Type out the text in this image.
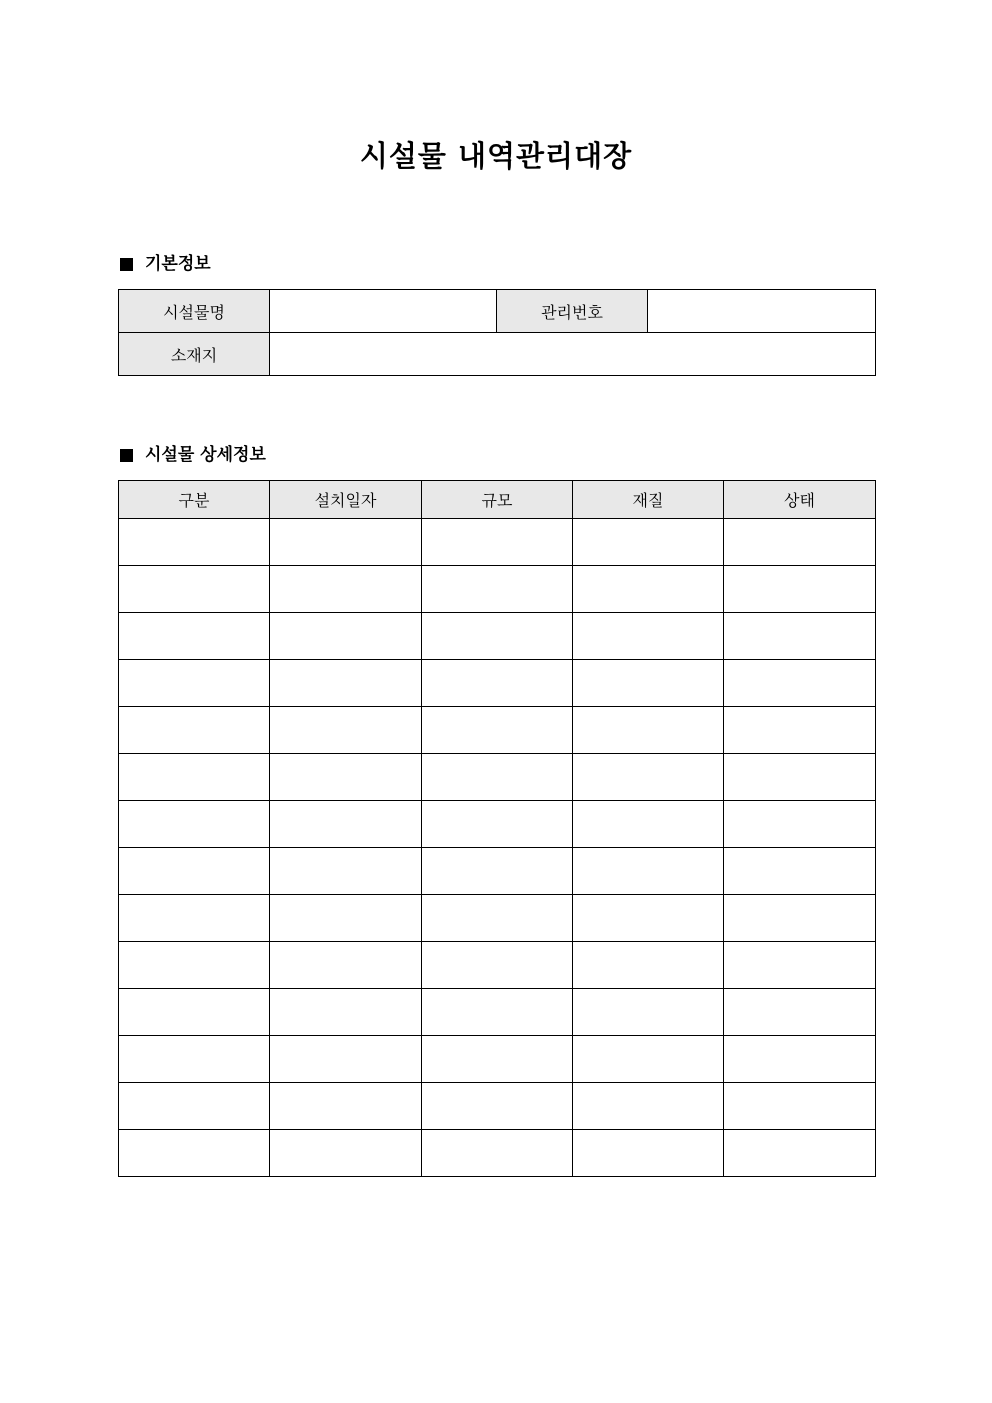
시설물 내역관리대장
기본정보
시설물명		관리번호	
소재지			
시설물 상세정보
구분	설치일자	규모	재질	상태
